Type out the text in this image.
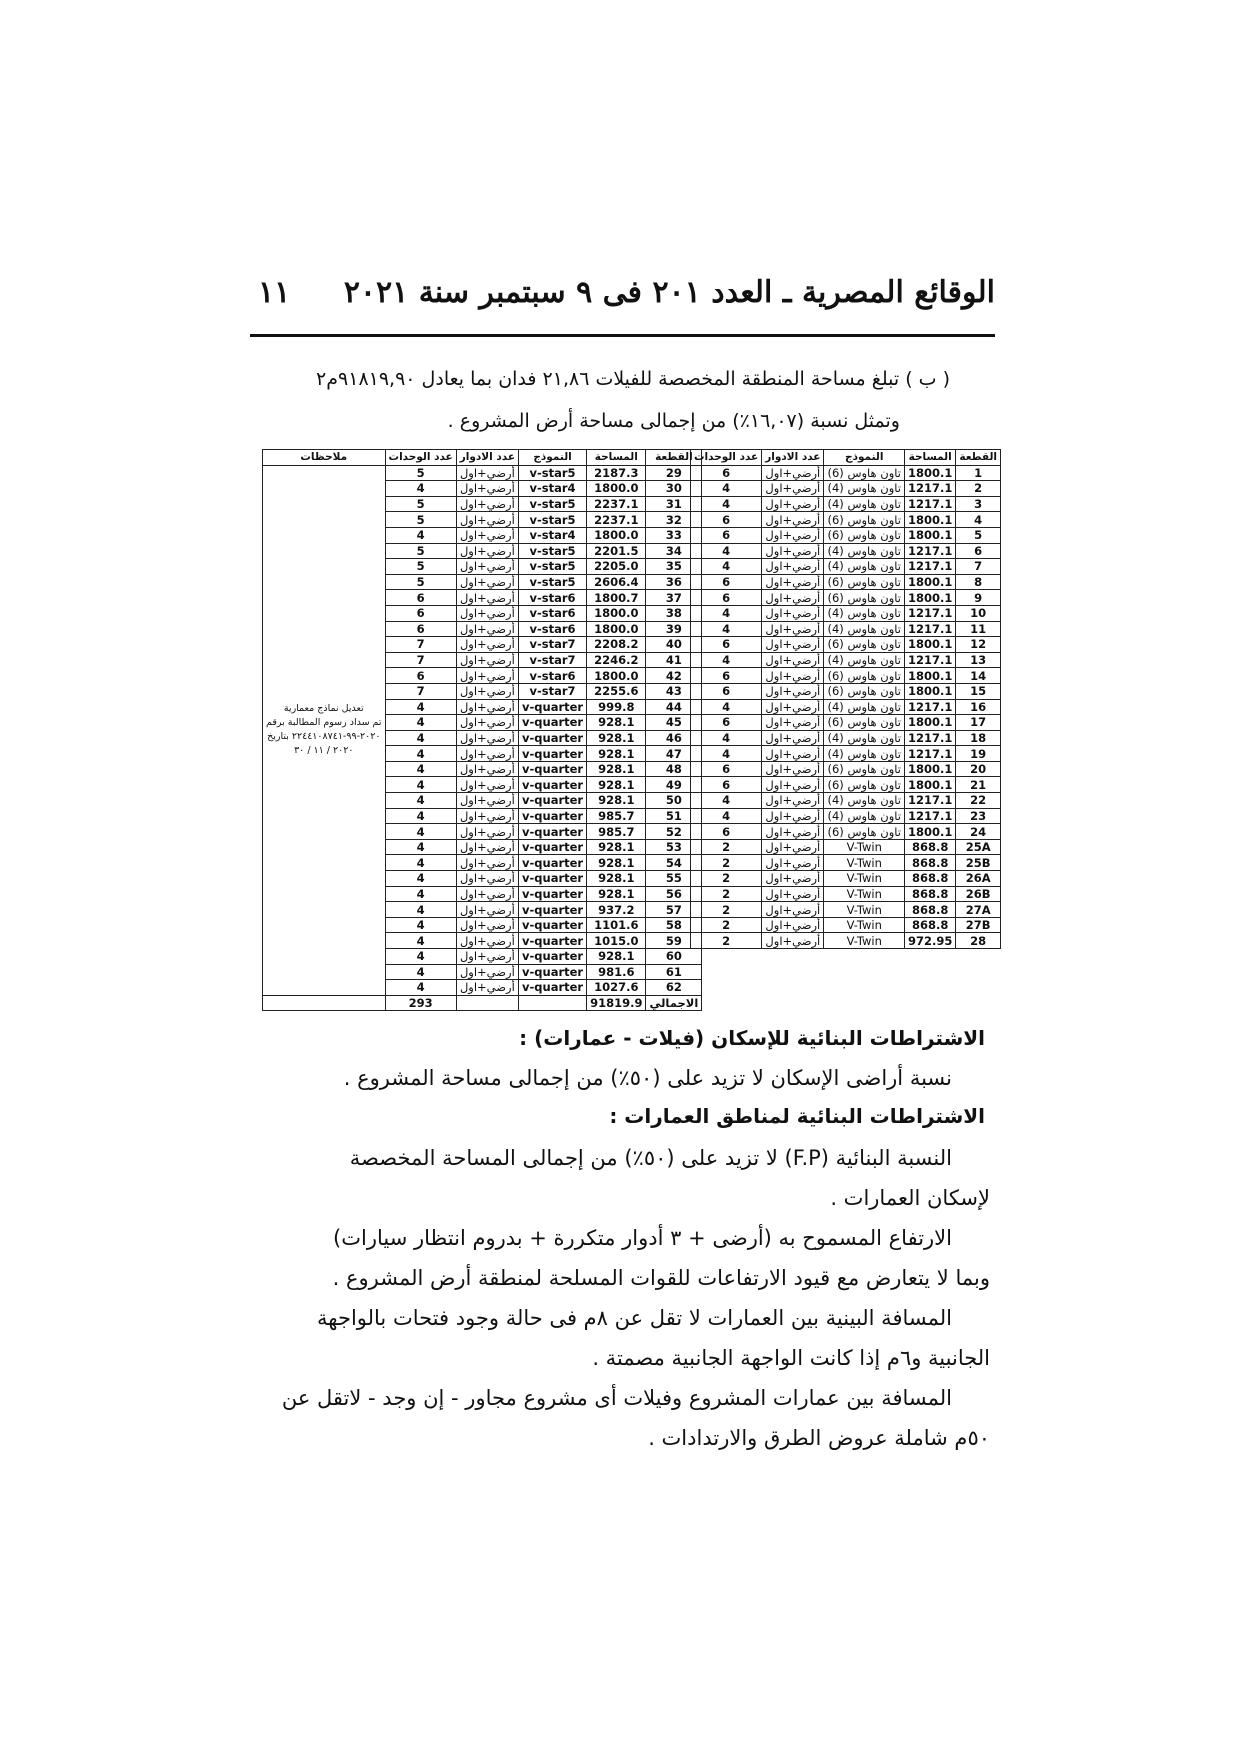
الوقائع المصرية ـ العدد ٢٠١ فى ٩ سبتمبر سنة ٢٠٢١
١١
( ب ) تبلغ مساحة المنطقة المخصصة للفيلات ٢١,٨٦ فدان بما يعادل ٩١٨١٩,٩٠م٢
وتمثل نسبة (١٦,٠٧٪) من إجمالى مساحة أرض المشروع .
القطعة	المساحة	النموذج	عدد الادوار	عدد الوحدات
1	1800.1	تاون هاوس (6)	أرضي+اول	6
2	1217.1	تاون هاوس (4)	أرضي+اول	4
3	1217.1	تاون هاوس (4)	أرضي+اول	4
4	1800.1	تاون هاوس (6)	أرضي+اول	6
5	1800.1	تاون هاوس (6)	أرضي+اول	6
6	1217.1	تاون هاوس (4)	أرضي+اول	4
7	1217.1	تاون هاوس (4)	أرضي+اول	4
8	1800.1	تاون هاوس (6)	أرضي+اول	6
9	1800.1	تاون هاوس (6)	أرضي+اول	6
10	1217.1	تاون هاوس (4)	أرضي+اول	4
11	1217.1	تاون هاوس (4)	أرضي+اول	4
12	1800.1	تاون هاوس (6)	أرضي+اول	6
13	1217.1	تاون هاوس (4)	أرضي+اول	4
14	1800.1	تاون هاوس (6)	أرضي+اول	6
15	1800.1	تاون هاوس (6)	أرضي+اول	6
16	1217.1	تاون هاوس (4)	أرضي+اول	4
17	1800.1	تاون هاوس (6)	أرضي+اول	6
18	1217.1	تاون هاوس (4)	أرضي+اول	4
19	1217.1	تاون هاوس (4)	أرضي+اول	4
20	1800.1	تاون هاوس (6)	أرضي+اول	6
21	1800.1	تاون هاوس (6)	أرضي+اول	6
22	1217.1	تاون هاوس (4)	أرضي+اول	4
23	1217.1	تاون هاوس (4)	أرضي+اول	4
24	1800.1	تاون هاوس (6)	أرضي+اول	6
25A	868.8	V-Twin	أرضي+اول	2
25B	868.8	V-Twin	أرضي+اول	2
26A	868.8	V-Twin	أرضي+اول	2
26B	868.8	V-Twin	أرضي+اول	2
27A	868.8	V-Twin	أرضي+اول	2
27B	868.8	V-Twin	أرضي+اول	2
28	972.95	V-Twin	أرضي+اول	2
القطعة	المساحة	النموذج	عدد الادوار	عدد الوحدات	ملاحظات
29	2187.3	v-star5	أرضي+اول	5	تعديل نماذج معمارية
تم سداد رسوم المطالبة برقم
٢٠٢٠-٩٩-٢٢٤٤١٠٨٧٤١ بتاريخ
٢٠٢٠ / ١١ / ٣٠

30	1800.0	v-star4	أرضي+اول	4	
31	2237.1	v-star5	أرضي+اول	5	
32	2237.1	v-star5	أرضي+اول	5	
33	1800.0	v-star4	أرضي+اول	4	
34	2201.5	v-star5	أرضي+اول	5	
35	2205.0	v-star5	أرضي+اول	5	
36	2606.4	v-star5	أرضي+اول	5	
37	1800.7	v-star6	أرضي+اول	6	
38	1800.0	v-star6	أرضي+اول	6	
39	1800.0	v-star6	أرضي+اول	6	
40	2208.2	v-star7	أرضي+اول	7	
41	2246.2	v-star7	أرضي+اول	7	
42	1800.0	v-star6	أرضي+اول	6	
43	2255.6	v-star7	أرضي+اول	7	
44	999.8	v-quarter	أرضي+اول	4	
45	928.1	v-quarter	أرضي+اول	4	
46	928.1	v-quarter	أرضي+اول	4	
47	928.1	v-quarter	أرضي+اول	4	
48	928.1	v-quarter	أرضي+اول	4	
49	928.1	v-quarter	أرضي+اول	4	
50	928.1	v-quarter	أرضي+اول	4	
51	985.7	v-quarter	أرضي+اول	4	
52	985.7	v-quarter	أرضي+اول	4	
53	928.1	v-quarter	أرضي+اول	4	
54	928.1	v-quarter	أرضي+اول	4	
55	928.1	v-quarter	أرضي+اول	4	
56	928.1	v-quarter	أرضي+اول	4	
57	937.2	v-quarter	أرضي+اول	4	
58	1101.6	v-quarter	أرضي+اول	4	
59	1015.0	v-quarter	أرضي+اول	4	
60	928.1	v-quarter	أرضي+اول	4	
61	981.6	v-quarter	أرضي+اول	4	
62	1027.6	v-quarter	أرضي+اول	4	
الاجمالي	91819.9			293	
الاشتراطات البنائية للإسكان (فيلات - عمارات) :
نسبة أراضى الإسكان لا تزيد على (٥٠٪) من إجمالى مساحة المشروع .
الاشتراطات البنائية لمناطق العمارات :
النسبة البنائية (F.P) لا تزيد على (٥٠٪) من إجمالى المساحة المخصصة
لإسكان العمارات .
الارتفاع المسموح به (أرضى + ٣ أدوار متكررة + بدروم انتظار سيارات)
وبما لا يتعارض مع قيود الارتفاعات للقوات المسلحة لمنطقة أرض المشروع .
المسافة البينية بين العمارات لا تقل عن ٨م فى حالة وجود فتحات بالواجهة
الجانبية و٦م إذا كانت الواجهة الجانبية مصمتة .
المسافة بين عمارات المشروع وفيلات أى مشروع مجاور - إن وجد - لاتقل عن
٥٠م شاملة عروض الطرق والارتدادات .
